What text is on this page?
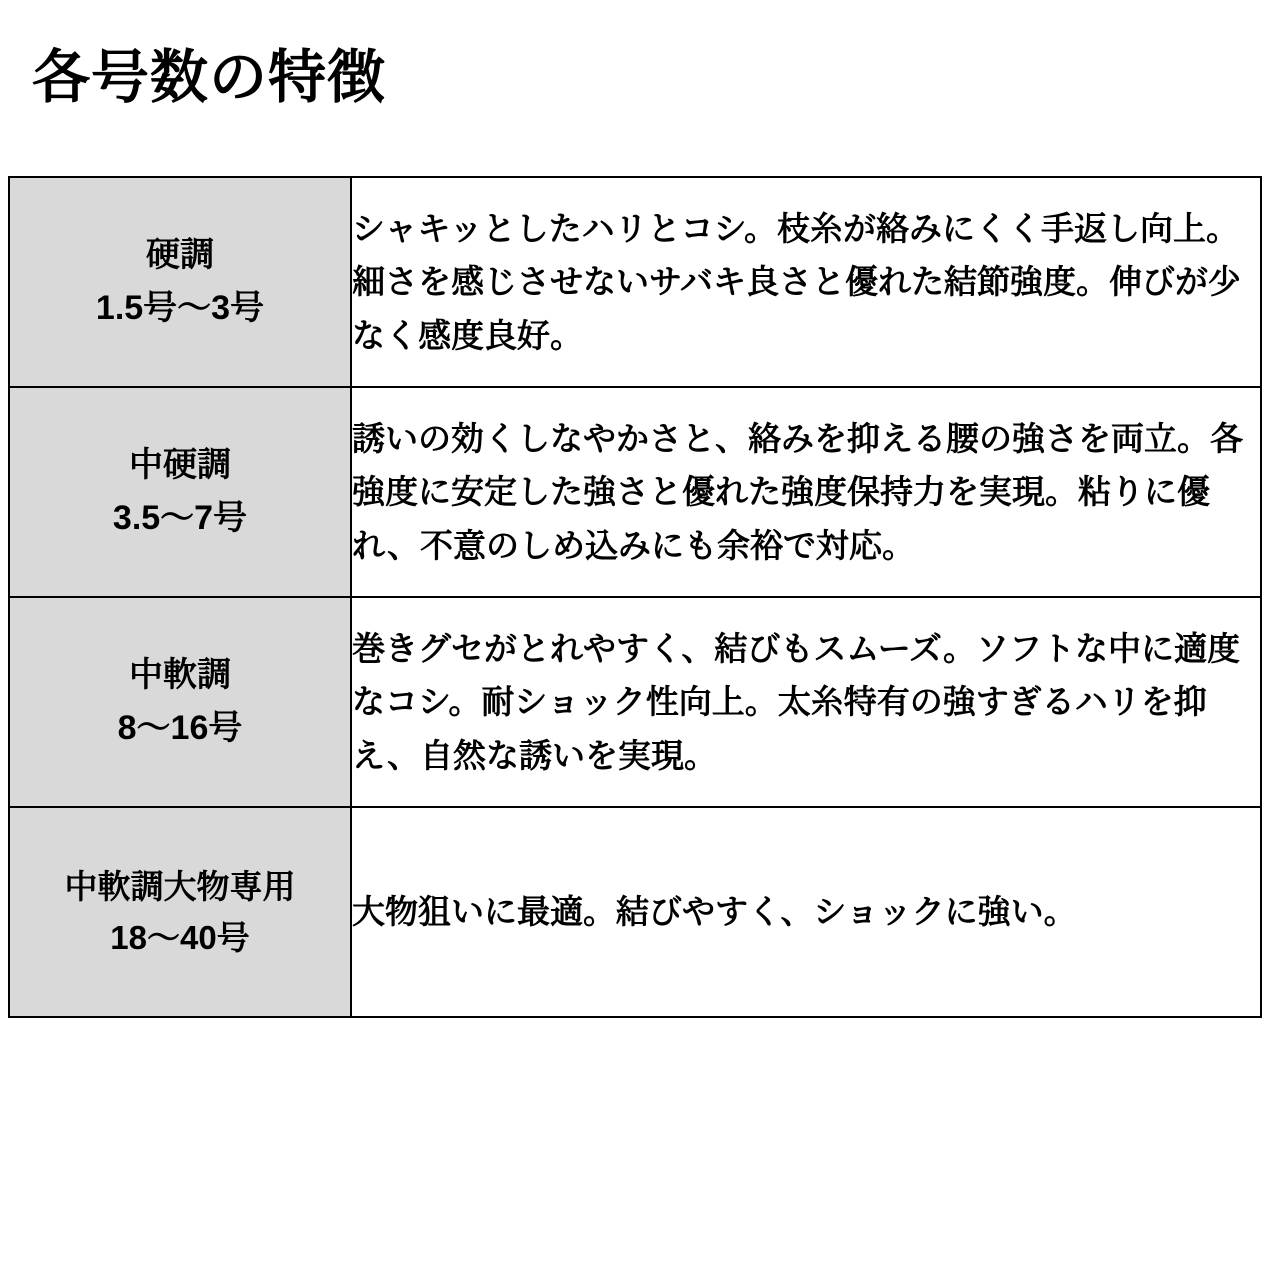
各号数の特徴
硬調
1.5号〜3号	シャキッとしたハリとコシ。枝糸が絡みにくく手返し向上。細さを感じさせないサバキ良さと優れた結節強度。伸びが少なく感度良好。

中硬調
3.5〜7号	誘いの効くしなやかさと、絡みを抑える腰の強さを両立。各強度に安定した強さと優れた強度保持力を実現。粘りに優れ、不意のしめ込みにも余裕で対応。

中軟調
8〜16号	巻きグセがとれやすく、結びもスムーズ。ソフトな中に適度なコシ。耐ショック性向上。太糸特有の強すぎるハリを抑え、自然な誘いを実現。

中軟調大物専用
18〜40号	大物狙いに最適。結びやすく、ショックに強い。
